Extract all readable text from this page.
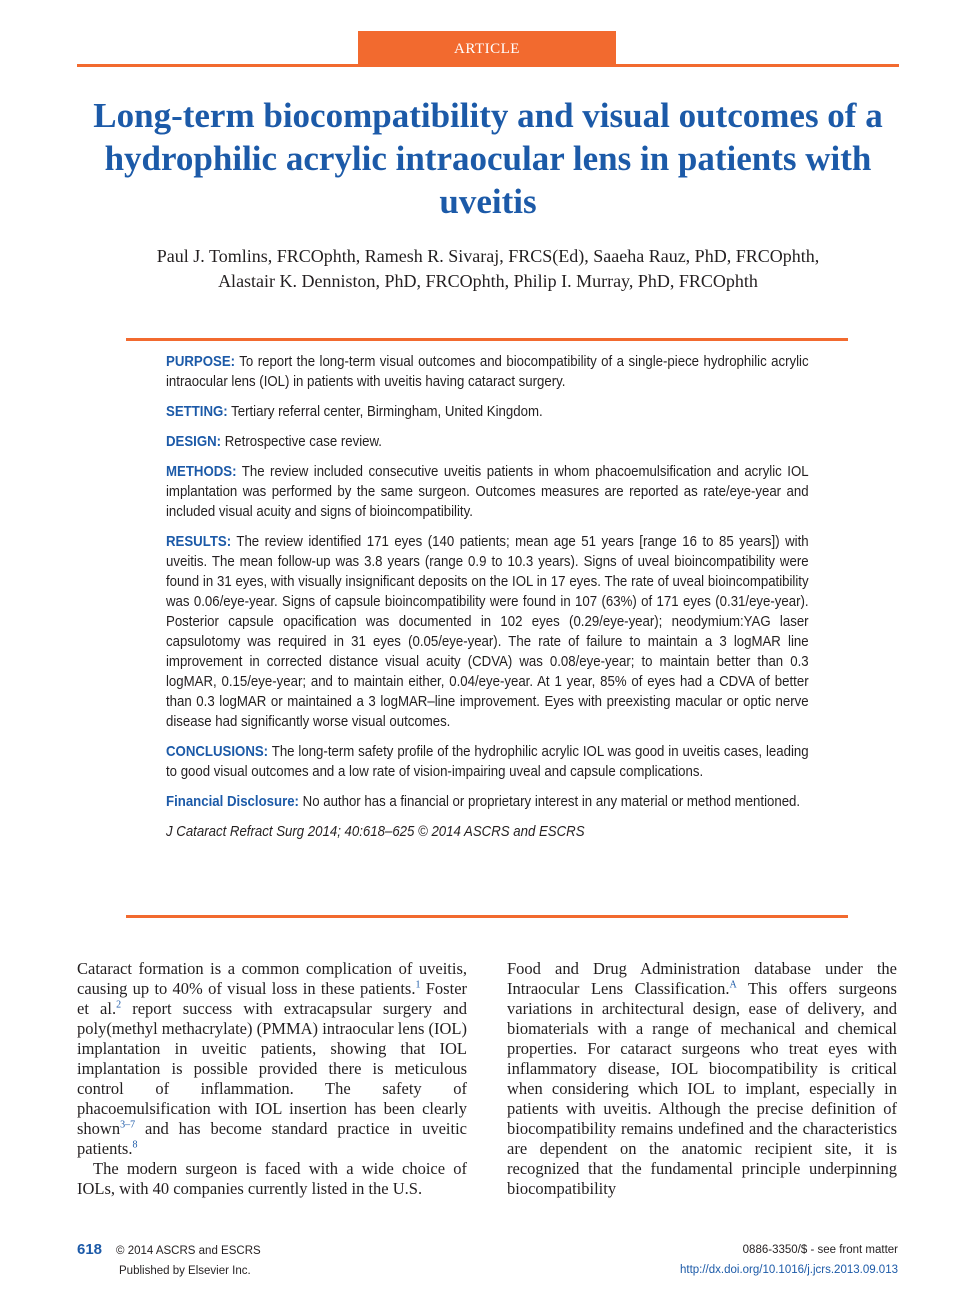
ARTICLE
Long-term biocompatibility and visual outcomes of a hydrophilic acrylic intraocular lens in patients with uveitis
Paul J. Tomlins, FRCOphth, Ramesh R. Sivaraj, FRCS(Ed), Saaeha Rauz, PhD, FRCOphth,
Alastair K. Denniston, PhD, FRCOphth, Philip I. Murray, PhD, FRCOphth

PURPOSE: To report the long-term visual outcomes and biocompatibility of a single-piece hydrophilic acrylic intraocular lens (IOL) in patients with uveitis having cataract surgery.

SETTING: Tertiary referral center, Birmingham, United Kingdom.

DESIGN: Retrospective case review.

METHODS: The review included consecutive uveitis patients in whom phacoemulsification and acrylic IOL implantation was performed by the same surgeon. Outcomes measures are reported as rate/eye-year and included visual acuity and signs of bioincompatibility.

RESULTS: The review identified 171 eyes (140 patients; mean age 51 years [range 16 to 85 years]) with uveitis. The mean follow-up was 3.8 years (range 0.9 to 10.3 years). Signs of uveal bioincompatibility were found in 31 eyes, with visually insignificant deposits on the IOL in 17 eyes. The rate of uveal bioincompatibility was 0.06/eye-year. Signs of capsule bioincompatibility were found in 107 (63%) of 171 eyes (0.31/eye-year). Posterior capsule opacification was documented in 102 eyes (0.29/eye-year); neodymium:YAG laser capsulotomy was required in 31 eyes (0.05/eye-year). The rate of failure to maintain a 3 logMAR line improvement in corrected distance visual acuity (CDVA) was 0.08/eye-year; to maintain better than 0.3 logMAR, 0.15/eye-year; and to maintain either, 0.04/eye-year. At 1 year, 85% of eyes had a CDVA of better than 0.3 logMAR or maintained a 3 logMAR–line improvement. Eyes with preexisting macular or optic nerve disease had significantly worse visual outcomes.

CONCLUSIONS: The long-term safety profile of the hydrophilic acrylic IOL was good in uveitis cases, leading to good visual outcomes and a low rate of vision-impairing uveal and capsule complications.

Financial Disclosure: No author has a financial or proprietary interest in any material or method mentioned.

J Cataract Refract Surg 2014; 40:618–625 © 2014 ASCRS and ESCRS

Cataract formation is a common complication of uveitis, causing up to 40% of visual loss in these patients.$^1$ Foster et al.$^2$ report success with extracapsular surgery and poly(methyl methacrylate) (PMMA) intraocular lens (IOL) implantation in uveitic patients, showing that IOL implantation is possible provided there is meticulous control of inflammation. The safety of phacoemulsification with IOL insertion has been clearly shown$^{3-7}$ and has become standard practice in uveitic patients.$^8$

The modern surgeon is faced with a wide choice of IOLs, with 40 companies currently listed in the U.S.

Food and Drug Administration database under the Intraocular Lens Classification.$^A$ This offers surgeons variations in architectural design, ease of delivery, and biomaterials with a range of mechanical and chemical properties. For cataract surgeons who treat eyes with inflammatory disease, IOL biocompatibility is critical when considering which IOL to implant, especially in patients with uveitis. Although the precise definition of biocompatibility remains undefined and the characteristics are dependent on the anatomic recipient site, it is recognized that the fundamental principle underpinning biocompatibility

618 © 2014 ASCRS and ESCRS
Published by Elsevier Inc.
0886-3350/$ - see front matter
http://dx.doi.org/10.1016/j.jcrs.2013.09.013
